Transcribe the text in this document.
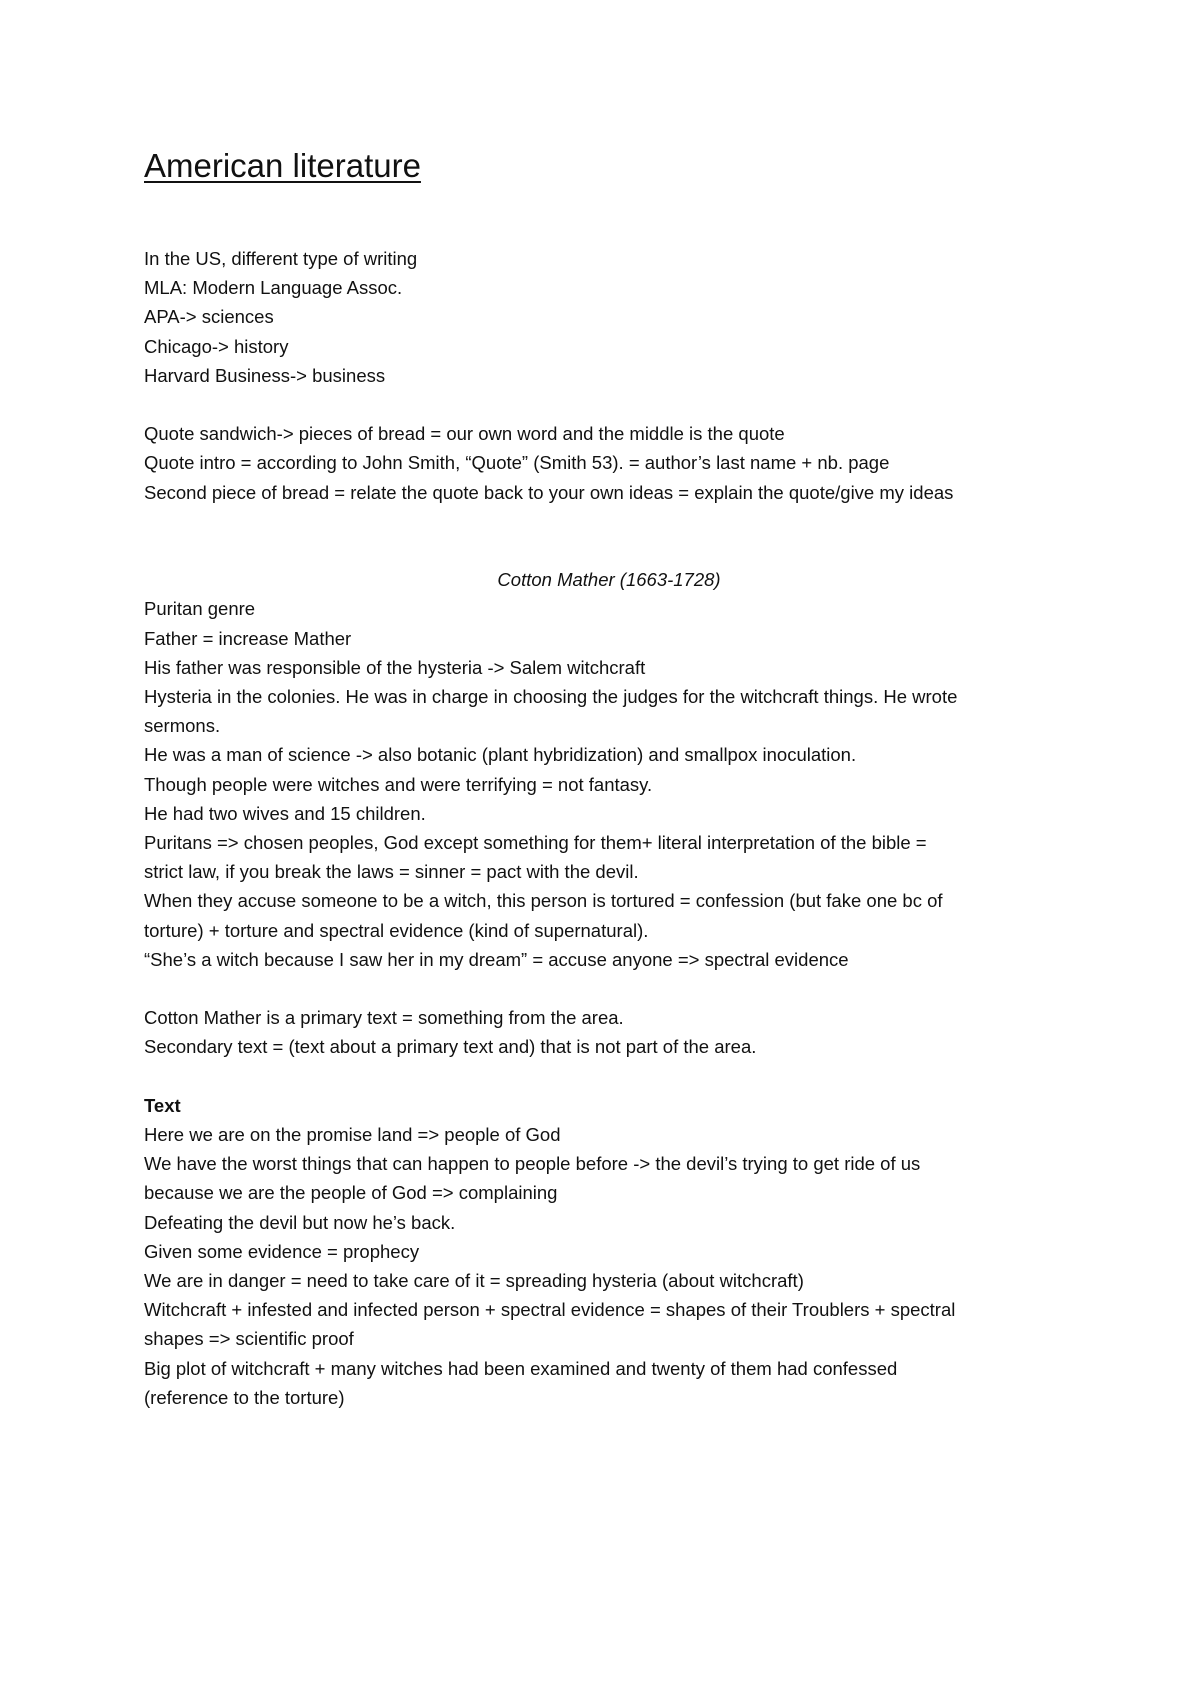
American literature

In the US, different type of writing

MLA: Modern Language Assoc.

APA-> sciences

Chicago-> history

Harvard Business-> business

Quote sandwich-> pieces of bread = our own word and the middle is the quote

Quote intro = according to John Smith, “Quote” (Smith 53). = author’s last name + nb. page

Second piece of bread = relate the quote back to your own ideas = explain the quote/give my ideas

Cotton Mather (1663-1728)

Puritan genre

Father = increase Mather

His father was responsible of the hysteria -> Salem witchcraft

Hysteria in the colonies. He was in charge in choosing the judges for the witchcraft things. He wrote

sermons.

He was a man of science -> also botanic (plant hybridization) and smallpox inoculation.

Though people were witches and were terrifying = not fantasy.

He had two wives and 15 children.

Puritans => chosen peoples, God except something for them+ literal interpretation of the bible =

strict law, if you break the laws = sinner = pact with the devil.

When they accuse someone to be a witch, this person is tortured = confession (but fake one bc of

torture) + torture and spectral evidence (kind of supernatural).

“She’s a witch because I saw her in my dream” = accuse anyone => spectral evidence

Cotton Mather is a primary text = something from the area.

Secondary text = (text about a primary text and) that is not part of the area.

Text

Here we are on the promise land => people of God

We have the worst things that can happen to people before -> the devil’s trying to get ride of us

because we are the people of God => complaining

Defeating the devil but now he’s back.

Given some evidence = prophecy

We are in danger = need to take care of it = spreading hysteria (about witchcraft)

Witchcraft + infested and infected person + spectral evidence = shapes of their Troublers + spectral

shapes => scientific proof

Big plot of witchcraft + many witches had been examined and twenty of them had confessed

(reference to the torture)
